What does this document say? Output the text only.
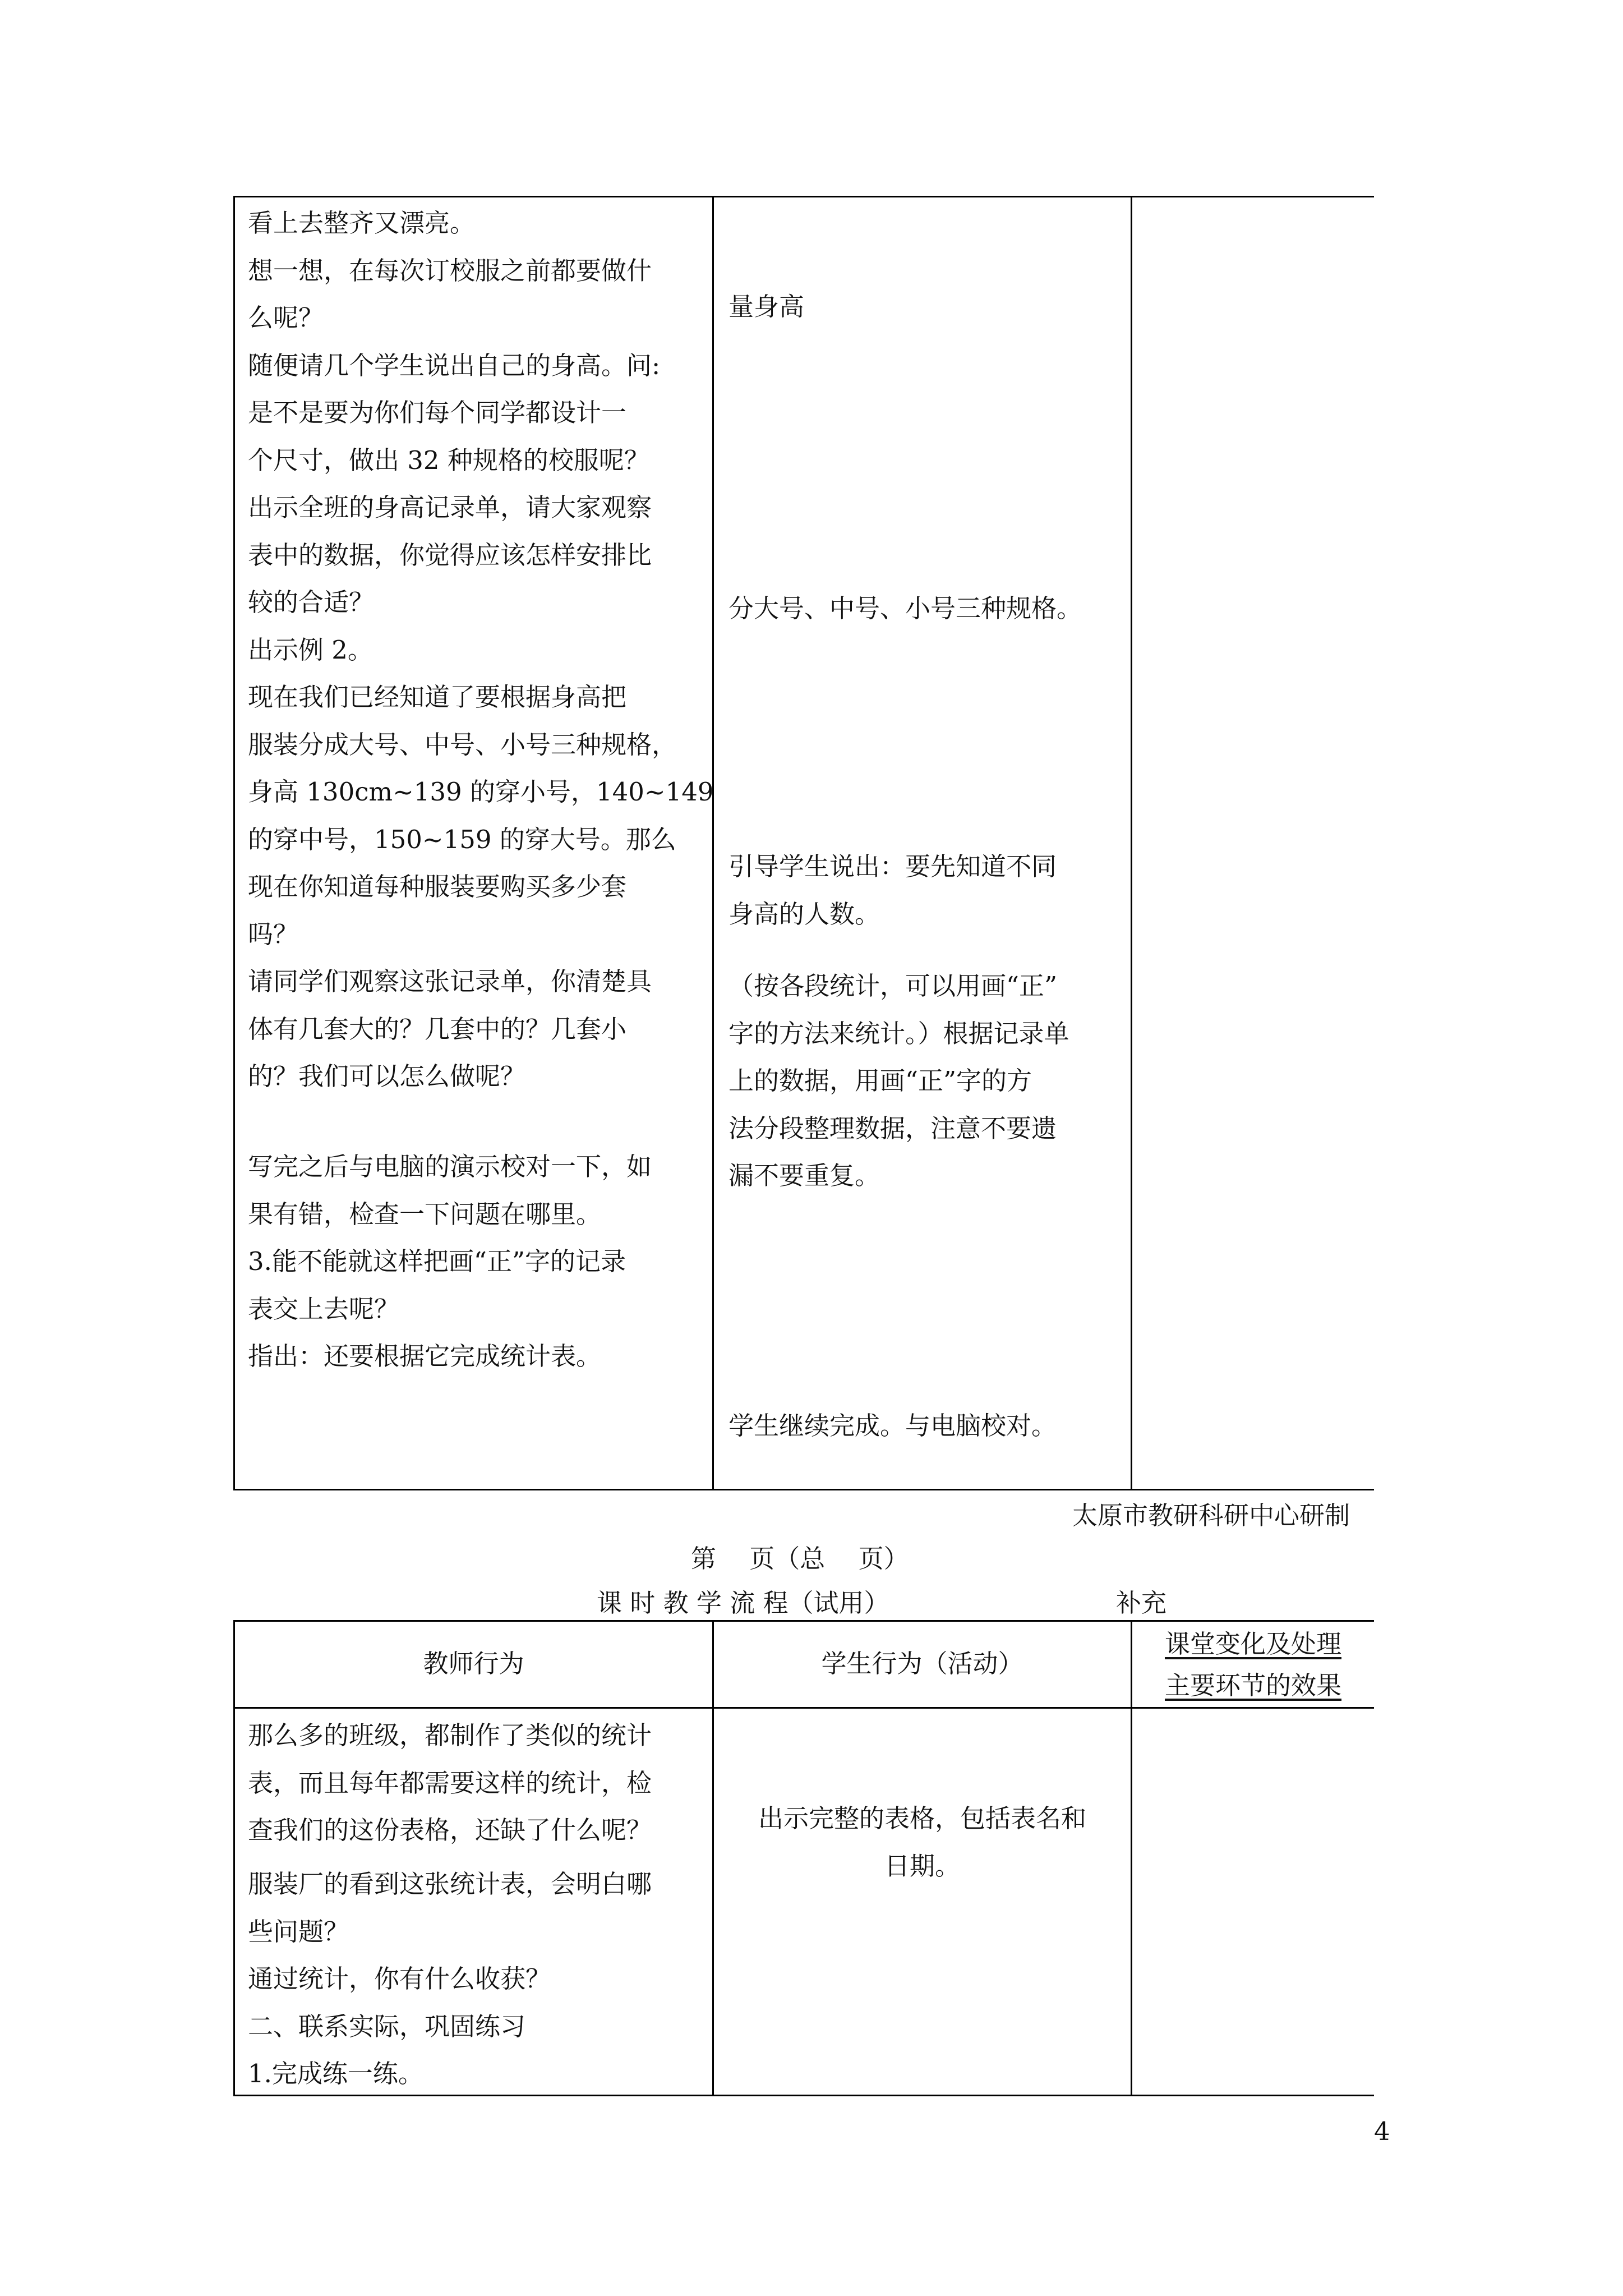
看上去整齐又漂亮。
想一想，在每次订校服之前都要做什
么呢？
随便请几个学生说出自己的身高。问:
是不是要为你们每个同学都设计一
个尺寸，做出 32 种规格的校服呢？
出示全班的身高记录单，请大家观察
表中的数据，你觉得应该怎样安排比
较的合适？
出示例 2。
现在我们已经知道了要根据身高把
服装分成大号、中号、小号三种规格，
身高 130cm~139 的穿小号，140~149
的穿中号，150~159 的穿大号。那么
现在你知道每种服装要购买多少套
吗？
请同学们观察这张记录单，你清楚具
体有几套大的？几套中的？几套小
的？我们可以怎么做呢？
写完之后与电脑的演示校对一下，如
果有错，检查一下问题在哪里。
3.能不能就这样把画“正”字的记录
表交上去呢？
指出：还要根据它完成统计表。
量身高
分大号、中号、小号三种规格。
引导学生说出：要先知道不同
身高的人数。
（按各段统计，可以用画“正”
字的方法来统计。）根据记录单
上的数据，用画“正”字的方
法分段整理数据，注意不要遗
漏不要重复。
学生继续完成。与电脑校对。
太原市教研科研中心研制
第　 页（总　 页）
课 时 教 学 流 程（试用）	补充
教师行为	学生行为（活动）
课堂变化及处理
主要环节的效果
那么多的班级，都制作了类似的统计
表，而且每年都需要这样的统计，检
查我们的这份表格，还缺了什么呢？
服装厂的看到这张统计表，会明白哪
些问题？
通过统计，你有什么收获？
二、联系实际，巩固练习
1.完成练一练。
出示完整的表格，包括表名和
日期。
4
